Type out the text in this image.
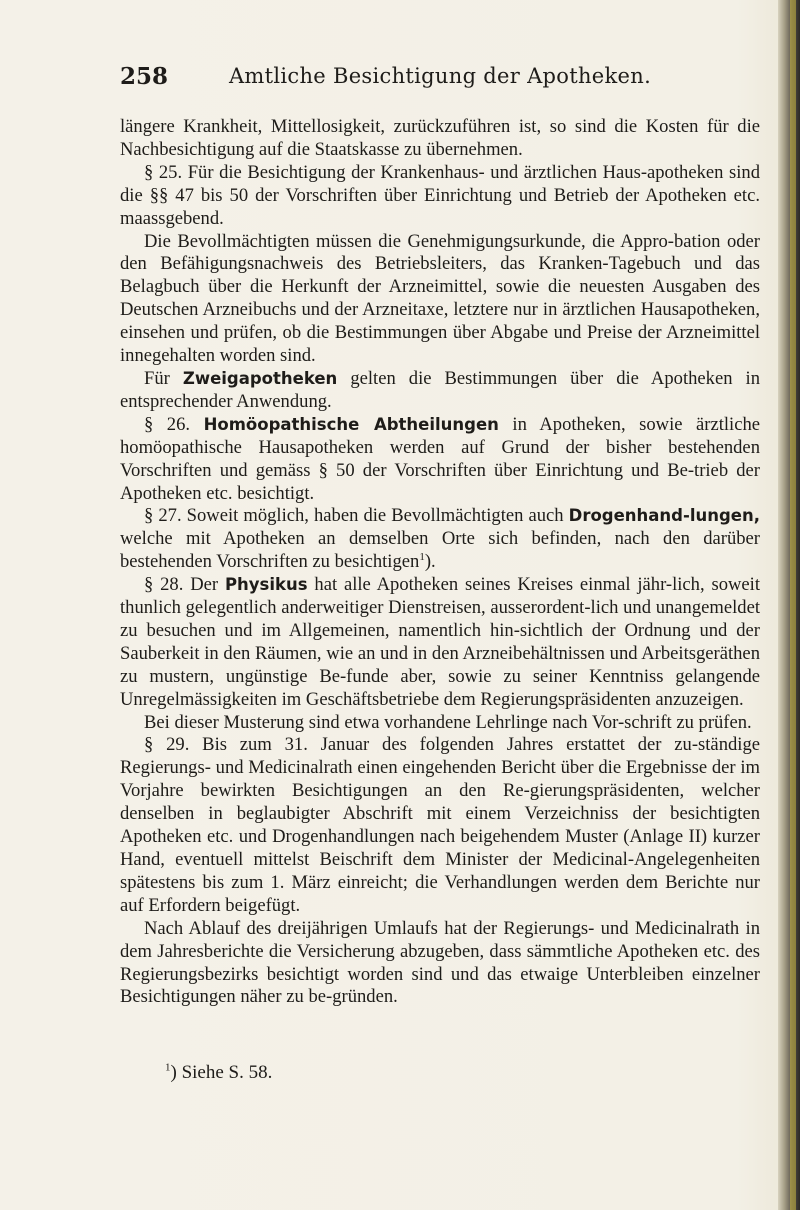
258	Amtliche Besichtigung der Apotheken.

längere Krankheit, Mittellosigkeit, zurückzuführen ist, so sind die Kosten für die Nachbesichtigung auf die Staatskasse zu übernehmen.

§ 25. Für die Besichtigung der Krankenhaus- und ärztlichen Haus-apotheken sind die §§ 47 bis 50 der Vorschriften über Einrichtung und Betrieb der Apotheken etc. maassgebend.

Die Bevollmächtigten müssen die Genehmigungsurkunde, die Appro-bation oder den Befähigungsnachweis des Betriebsleiters, das Kranken-Tagebuch und das Belagbuch über die Herkunft der Arzneimittel, sowie die neuesten Ausgaben des Deutschen Arzneibuchs und der Arzneitaxe, letztere nur in ärztlichen Hausapotheken, einsehen und prüfen, ob die Bestimmungen über Abgabe und Preise der Arzneimittel innegehalten worden sind.

Für Zweigapotheken gelten die Bestimmungen über die Apotheken in entsprechender Anwendung.

§ 26. Homöopathische Abtheilungen in Apotheken, sowie ärztliche homöopathische Hausapotheken werden auf Grund der bisher bestehenden Vorschriften und gemäss § 50 der Vorschriften über Einrichtung und Be-trieb der Apotheken etc. besichtigt.

§ 27. Soweit möglich, haben die Bevollmächtigten auch Drogenhand-lungen, welche mit Apotheken an demselben Orte sich befinden, nach den darüber bestehenden Vorschriften zu besichtigen$^1$).

§ 28. Der Physikus hat alle Apotheken seines Kreises einmal jähr-lich, soweit thunlich gelegentlich anderweitiger Dienstreisen, ausserordent-lich und unangemeldet zu besuchen und im Allgemeinen, namentlich hin-sichtlich der Ordnung und der Sauberkeit in den Räumen, wie an und in den Arzneibehältnissen und Arbeitsgeräthen zu mustern, ungünstige Be-funde aber, sowie zu seiner Kenntniss gelangende Unregelmässigkeiten im Geschäftsbetriebe dem Regierungspräsidenten anzuzeigen.

Bei dieser Musterung sind etwa vorhandene Lehrlinge nach Vor-schrift zu prüfen.

§ 29. Bis zum 31. Januar des folgenden Jahres erstattet der zu-ständige Regierungs- und Medicinalrath einen eingehenden Bericht über die Ergebnisse der im Vorjahre bewirkten Besichtigungen an den Re-gierungspräsidenten, welcher denselben in beglaubigter Abschrift mit einem Verzeichniss der besichtigten Apotheken etc. und Drogenhandlungen nach beigehendem Muster (Anlage II) kurzer Hand, eventuell mittelst Beischrift dem Minister der Medicinal-Angelegenheiten spätestens bis zum 1. März einreicht; die Verhandlungen werden dem Berichte nur auf Erfordern beigefügt.

Nach Ablauf des dreijährigen Umlaufs hat der Regierungs- und Medicinalrath in dem Jahresberichte die Versicherung abzugeben, dass sämmtliche Apotheken etc. des Regierungsbezirks besichtigt worden sind und das etwaige Unterbleiben einzelner Besichtigungen näher zu be-gründen.

$^1$) Siehe S. 58.
